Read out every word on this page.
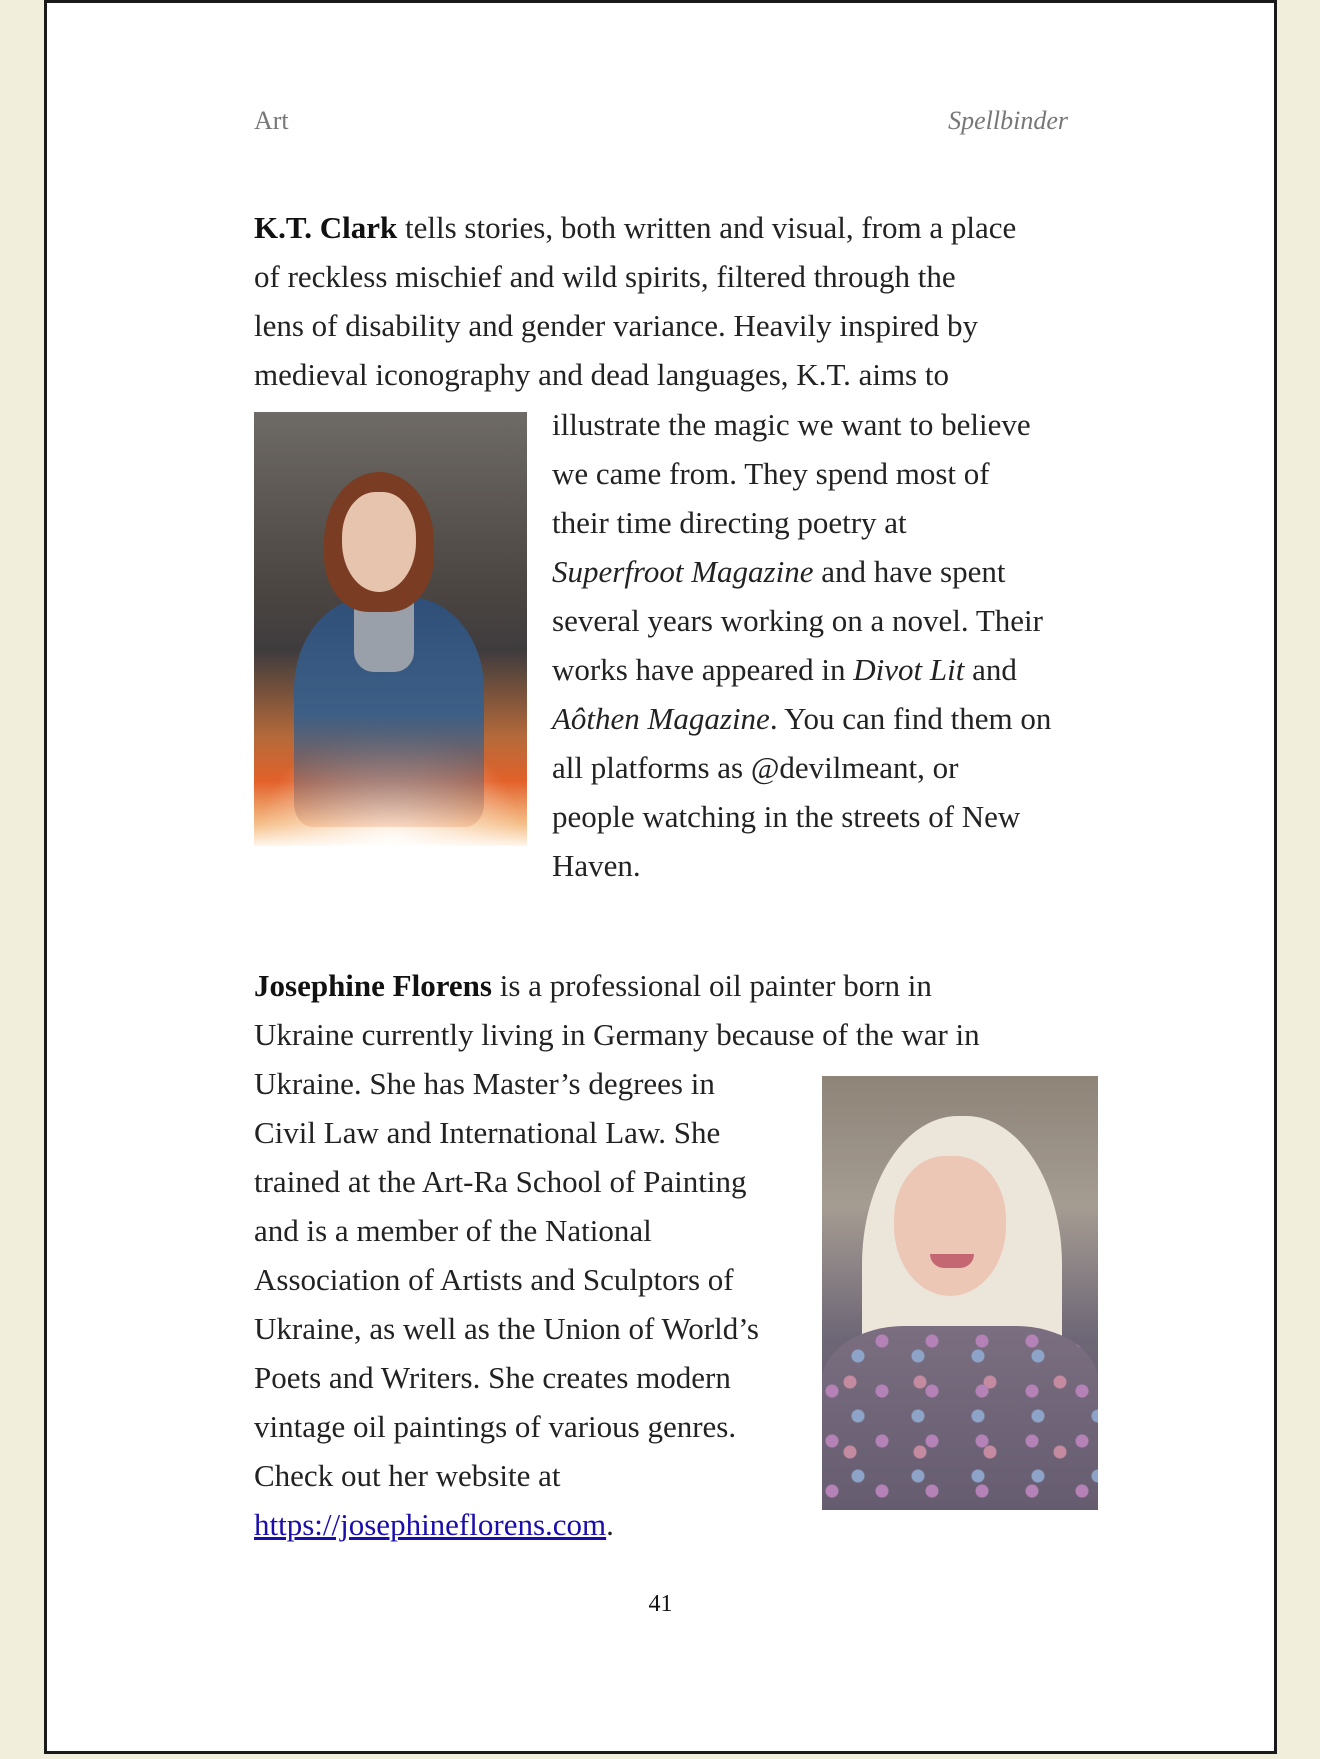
Art	Spellbinder
K.T. Clark tells stories, both written and visual, from a place
of reckless mischief and wild spirits, filtered through the
lens of disability and gender variance. Heavily inspired by
medieval iconography and dead languages, K.T. aims to
illustrate the magic we want to believe
we came from. They spend most of
their time directing poetry at
Superfroot Magazine and have spent
several years working on a novel. Their
works have appeared in Divot Lit and
Aôthen Magazine. You can find them on
all platforms as @devilmeant, or
people watching in the streets of New
Haven.
Josephine Florens is a professional oil painter born in
Ukraine currently living in Germany because of the war in
Ukraine. She has Master’s degrees in
Civil Law and International Law. She
trained at the Art-Ra School of Painting
and is a member of the National
Association of Artists and Sculptors of
Ukraine, as well as the Union of World’s
Poets and Writers. She creates modern
vintage oil paintings of various genres.
Check out her website at
https://josephineflorens.com.
41
